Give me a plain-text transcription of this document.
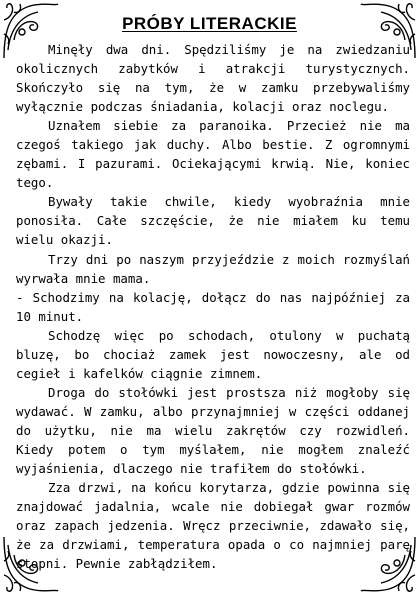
PRÓBY LITERACKIE

Minęły dwa dni. Spędziliśmy je na zwiedzaniu okolicznych zabytków i atrakcji turystycznych. Skończyło się na tym, że w zamku przebywaliśmy wyłącznie podczas śniadania, kolacji oraz noclegu.

Uznałem siebie za paranoika. Przecież nie ma czegoś takiego jak duchy. Albo bestie. Z ogromnymi zębami. I pazurami. Ociekającymi krwią. Nie, koniec tego.

Bywały takie chwile, kiedy wyobraźnia mnie ponosiła. Całe szczęście, że nie miałem ku temu wielu okazji.

Trzy dni po naszym przyjeździe z moich rozmyślań wyrwała mnie mama.

- Schodzimy na kolację, dołącz do nas najpóźniej za 10 minut.

Schodzę więc po schodach, otulony w puchatą bluzę, bo chociaż zamek jest nowoczesny, ale od cegieł i kafelków ciągnie zimnem.

Droga do stołówki jest prostsza niż mogłoby się wydawać. W zamku, albo przynajmniej w części oddanej do użytku, nie ma wielu zakrętów czy rozwidleń. Kiedy potem o tym myślałem, nie mogłem znaleźć wyjaśnienia, dlaczego nie trafiłem do stołówki.

Zza drzwi, na końcu korytarza, gdzie powinna się znajdować jadalnia, wcale nie dobiegał gwar rozmów oraz zapach jedzenia. Wręcz przeciwnie, zdawało się, że za drzwiami, temperatura opada o co najmniej parę stopni. Pewnie zabłądziłem.
